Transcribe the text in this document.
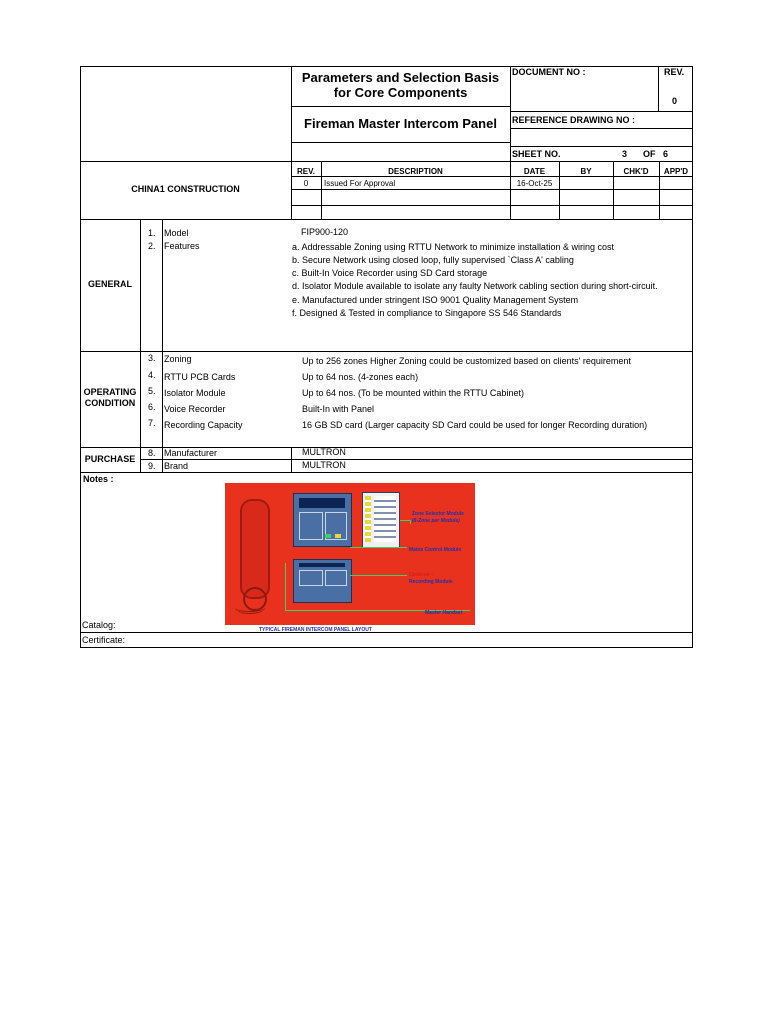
Parameters and Selection Basis
for Core Components
Fireman Master Intercom Panel
DOCUMENT NO :	REV.
0
REFERENCE DRAWING NO :
SHEET NO.	3 OF 6
CHINA1 CONSTRUCTION
REV.	DESCRIPTION	DATE	BY	CHK'D	APP'D
0	Issued For Approval	16-Oct-25
GENERAL
1. Model	FIP900-120
2. Features	a. Addressable Zoning using RTTU Network to minimize installation & wiring cost
b. Secure Network using closed loop, fully supervised `Class A' cabling
c. Built-In Voice Recorder using SD Card storage
d. Isolator Module available to isolate any faulty Network cabling section during short-circuit.
e. Manufactured under stringent ISO 9001 Quality Management System
f. Designed & Tested in compliance to Singapore SS 546 Standards
OPERATING
CONDITION
3. Zoning	Up to 256 zones Higher Zoning could be customized based on clients' requirement
4. RTTU PCB Cards	Up to 64 nos. (4-zones each)
5. Isolator Module	Up to 64 nos. (To be mounted within the RTTU Cabinet)
6. Voice Recorder	Built-In with Panel
7. Recording Capacity	16 GB SD card (Larger capacity SD Card could be used for longer Recording duration)
PURCHASE
8. Manufacturer	MULTRON
9. Brand	MULTRON
Notes :
Catalog:
Certificate:
Zone Selector Module
(8-Zone per Module)
Mains Control Module
Optional –
Recording Module
Master Handset
TYPICAL FIREMAN INTERCOM PANEL LAYOUT
